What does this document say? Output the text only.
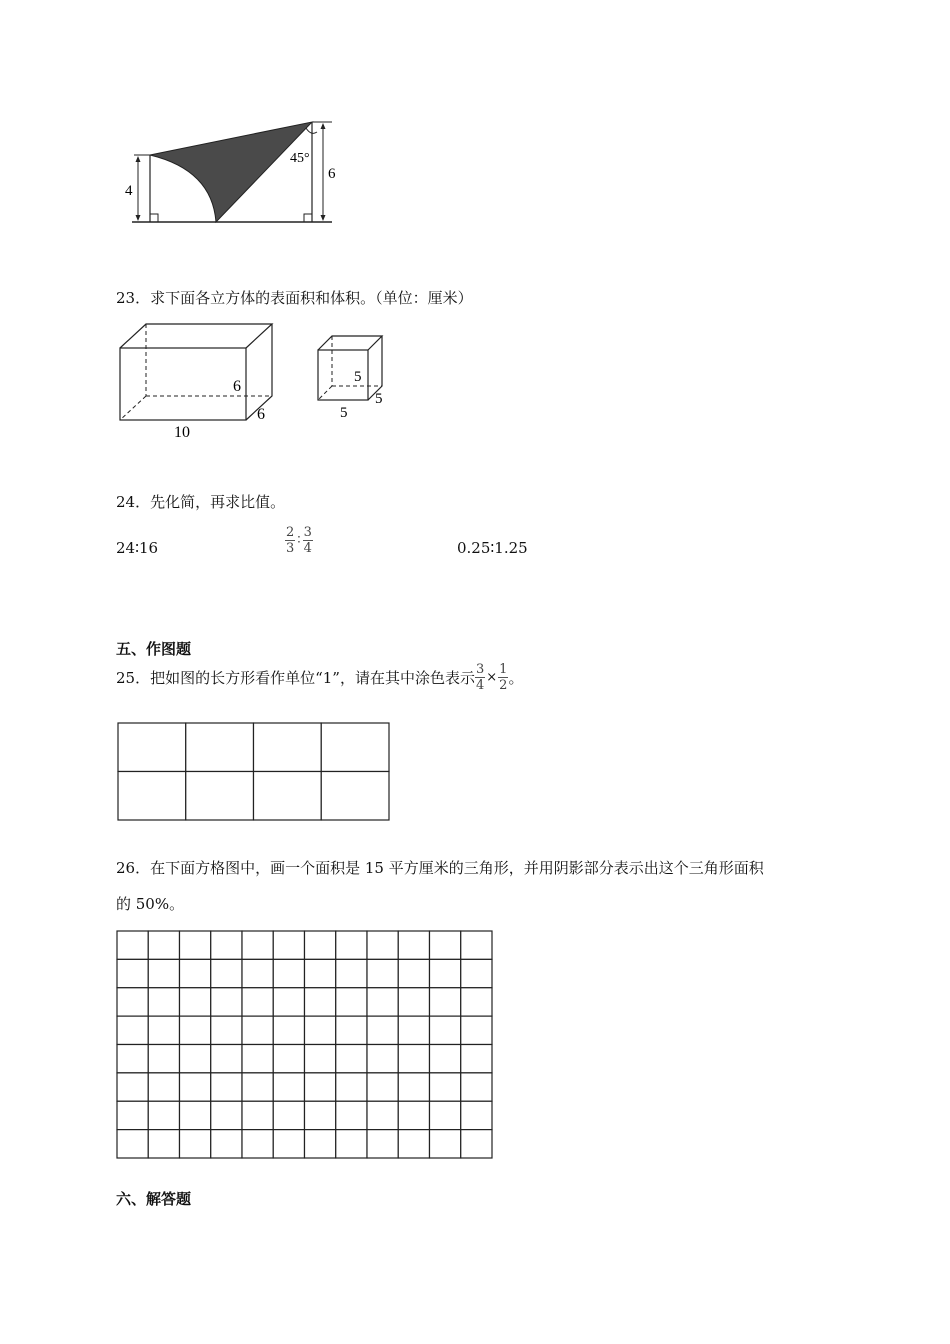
4
6
45°
23．求下面各立方体的表面积和体积。（单位：厘米）
10
6
6
5
5
5
24．先化简，再求比值。
24∶16	$\frac{2}{3}$ ∶ $\frac{3}{4}$	0.25∶1.25
五、作图题
25．把如图的长方形看作单位“1”，请在其中涂色表示 $\frac{3}{4} \times \frac{1}{2}$ 。
26．在下面方格图中，画一个面积是 15 平方厘米的三角形，并用阴影部分表示出这个三角形面积
的 50%。
六、解答题
